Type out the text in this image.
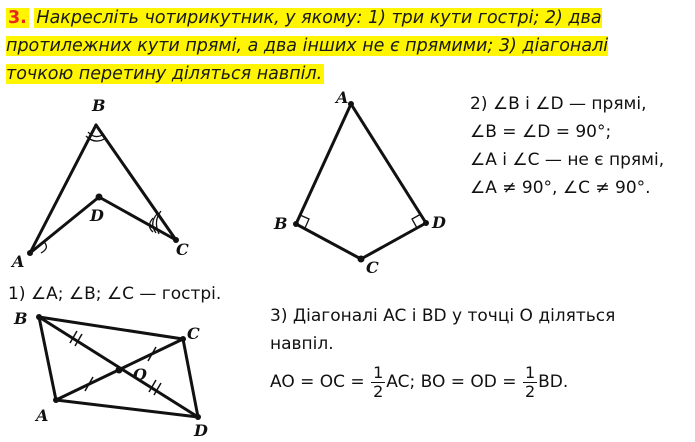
3. Накресліть чотирикутник, у якому: 1) три кути гострі; 2) два протилежних кути прямі, а два інших не є прямими; 3) діагоналі точкою перетину діляться навпіл.
B
D
C
A
A
B	D
C
2) ∠B і ∠D — прямі,
∠B = ∠D = 90°;
∠A і ∠C — не є прямі,
∠A ≠ 90°, ∠C ≠ 90°.
1) ∠A; ∠B; ∠C — гострі.
B
C
O
A
D
3) Діагоналі AC і BD у точці O діляться
навпіл.
AO = OC = $\frac{1}{2}$ AC; BO = OD = $\frac{1}{2}$ BD.
